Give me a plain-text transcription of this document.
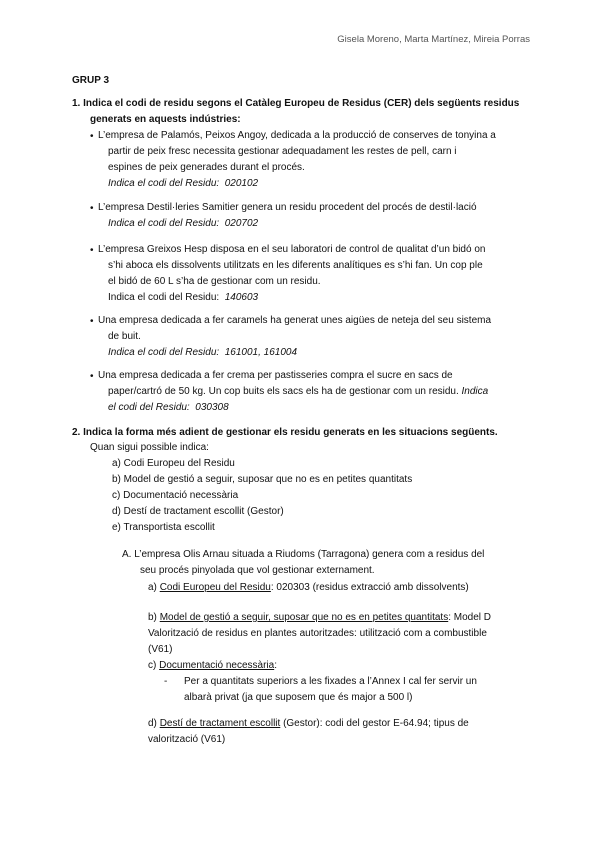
Gisela Moreno, Marta Martínez, Mireia Porras
GRUP 3
1. Indica el codi de residu segons el Catàleg Europeu de Residus (CER) dels següents residus
generats en aquests indústries:
• L’empresa de Palamós, Peixos Angoy, dedicada a la producció de conserves de tonyina a
partir de peix fresc necessita gestionar adequadament les restes de pell, carn i
espines de peix generades durant el procés.
Indica el codi del Residu: 020102
• L’empresa Destil·leries Samitier genera un residu procedent del procés de destil·lació
Indica el codi del Residu: 020702
• L’empresa Greixos Hesp disposa en el seu laboratori de control de qualitat d’un bidó on
s’hi aboca els dissolvents utilitzats en les diferents analítiques es s’hi fan. Un cop ple
el bidó de 60 L s’ha de gestionar com un residu.
Indica el codi del Residu: 140603
• Una empresa dedicada a fer caramels ha generat unes aigües de neteja del seu sistema
de buit.
Indica el codi del Residu: 161001, 161004
• Una empresa dedicada a fer crema per pastisseries compra el sucre en sacs de
paper/cartró de 50 kg. Un cop buits els sacs els ha de gestionar com un residu. Indica
el codi del Residu: 030308
2. Indica la forma més adient de gestionar els residu generats en les situacions següents.
Quan sigui possible indica:
a) Codi Europeu del Residu
b) Model de gestió a seguir, suposar que no es en petites quantitats
c) Documentació necessària
d) Destí de tractament escollit (Gestor)
e) Transportista escollit
A. L’empresa Olis Arnau situada a Riudoms (Tarragona) genera com a residus del
seu procés pinyolada que vol gestionar externament.
a) Codi Europeu del Residu: 020303 (residus extracció amb dissolvents)
b) Model de gestió a seguir, suposar que no es en petites quantitats: Model D
Valorització de residus en plantes autoritzades: utilització com a combustible
(V61)
c) Documentació necessària:
- Per a quantitats superiors a les fixades a l’Annex I cal fer servir un
albarà privat (ja que suposem que és major a 500 l)
d) Destí de tractament escollit (Gestor): codi del gestor E-64.94; tipus de
valorització (V61)
